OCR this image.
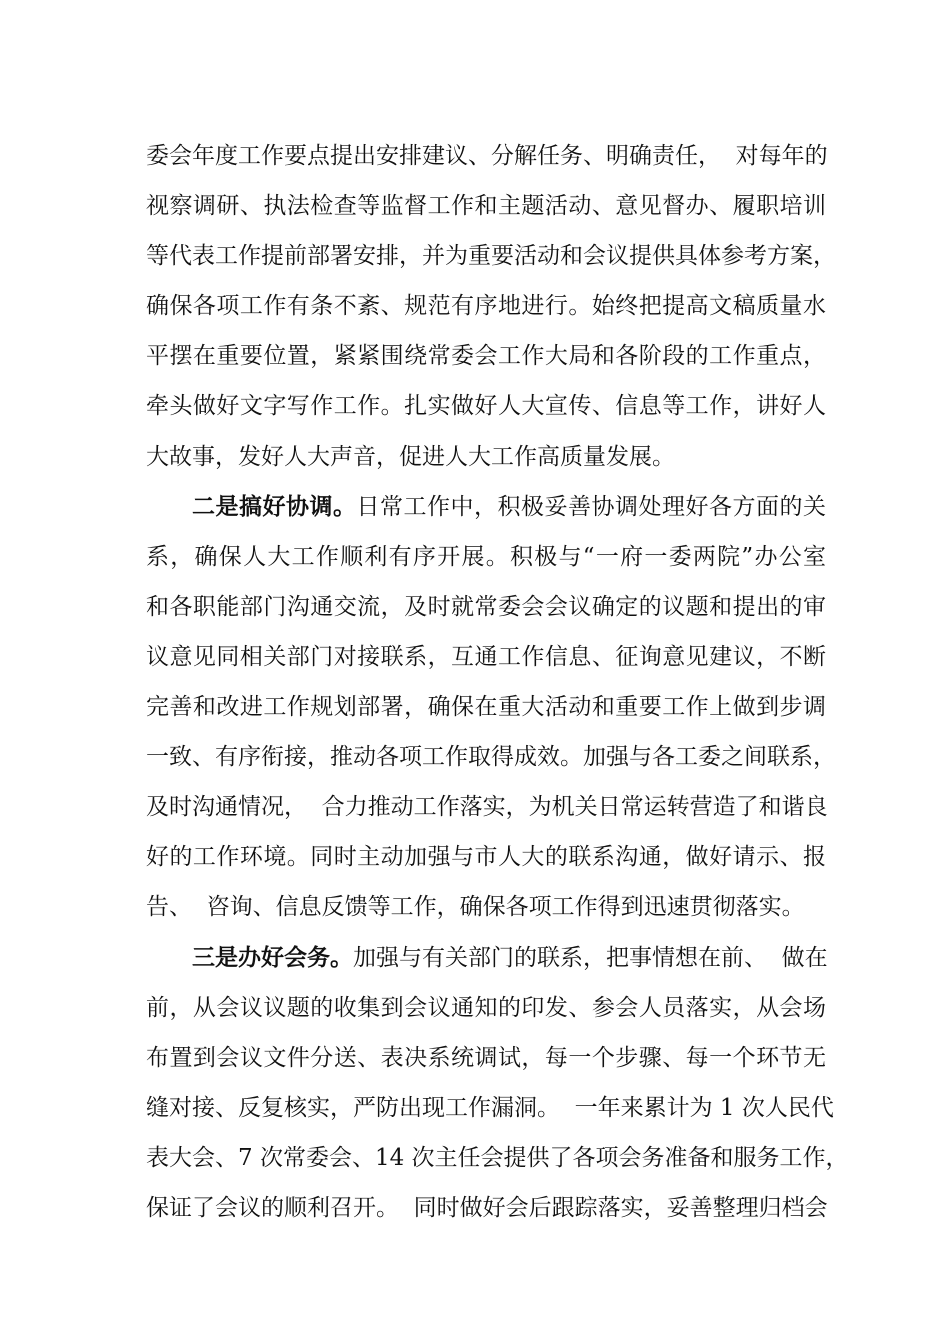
委会年度工作要点提出安排建议、分解任务、明确责任，  对每年的
视察调研、执法检查等监督工作和主题活动、意见督办、履职培训
等代表工作提前部署安排，并为重要活动和会议提供具体参考方案，
确保各项工作有条不紊、规范有序地进行。始终把提高文稿质量水
平摆在重要位置，紧紧围绕常委会工作大局和各阶段的工作重点，
牵头做好文字写作工作。扎实做好人大宣传、信息等工作，讲好人
大故事，发好人大声音，促进人大工作高质量发展。
二是搞好协调。日常工作中，积极妥善协调处理好各方面的关
系，确保人大工作顺利有序开展。积极与“一府一委两院”办公室
和各职能部门沟通交流，及时就常委会会议确定的议题和提出的审
议意见同相关部门对接联系，互通工作信息、征询意见建议，不断
完善和改进工作规划部署，确保在重大活动和重要工作上做到步调
一致、有序衔接，推动各项工作取得成效。加强与各工委之间联系，
及时沟通情况，  合力推动工作落实，为机关日常运转营造了和谐良
好的工作环境。同时主动加强与市人大的联系沟通，做好请示、报
告、  咨询、信息反馈等工作，确保各项工作得到迅速贯彻落实。
三是办好会务。加强与有关部门的联系，把事情想在前、  做在
前，从会议议题的收集到会议通知的印发、参会人员落实，从会场
布置到会议文件分送、表决系统调试，每一个步骤、每一个环节无
缝对接、反复核实，严防出现工作漏洞。  一年来累计为 1 次人民代
表大会、7 次常委会、14 次主任会提供了各项会务准备和服务工作，
保证了会议的顺利召开。  同时做好会后跟踪落实，妥善整理归档会
